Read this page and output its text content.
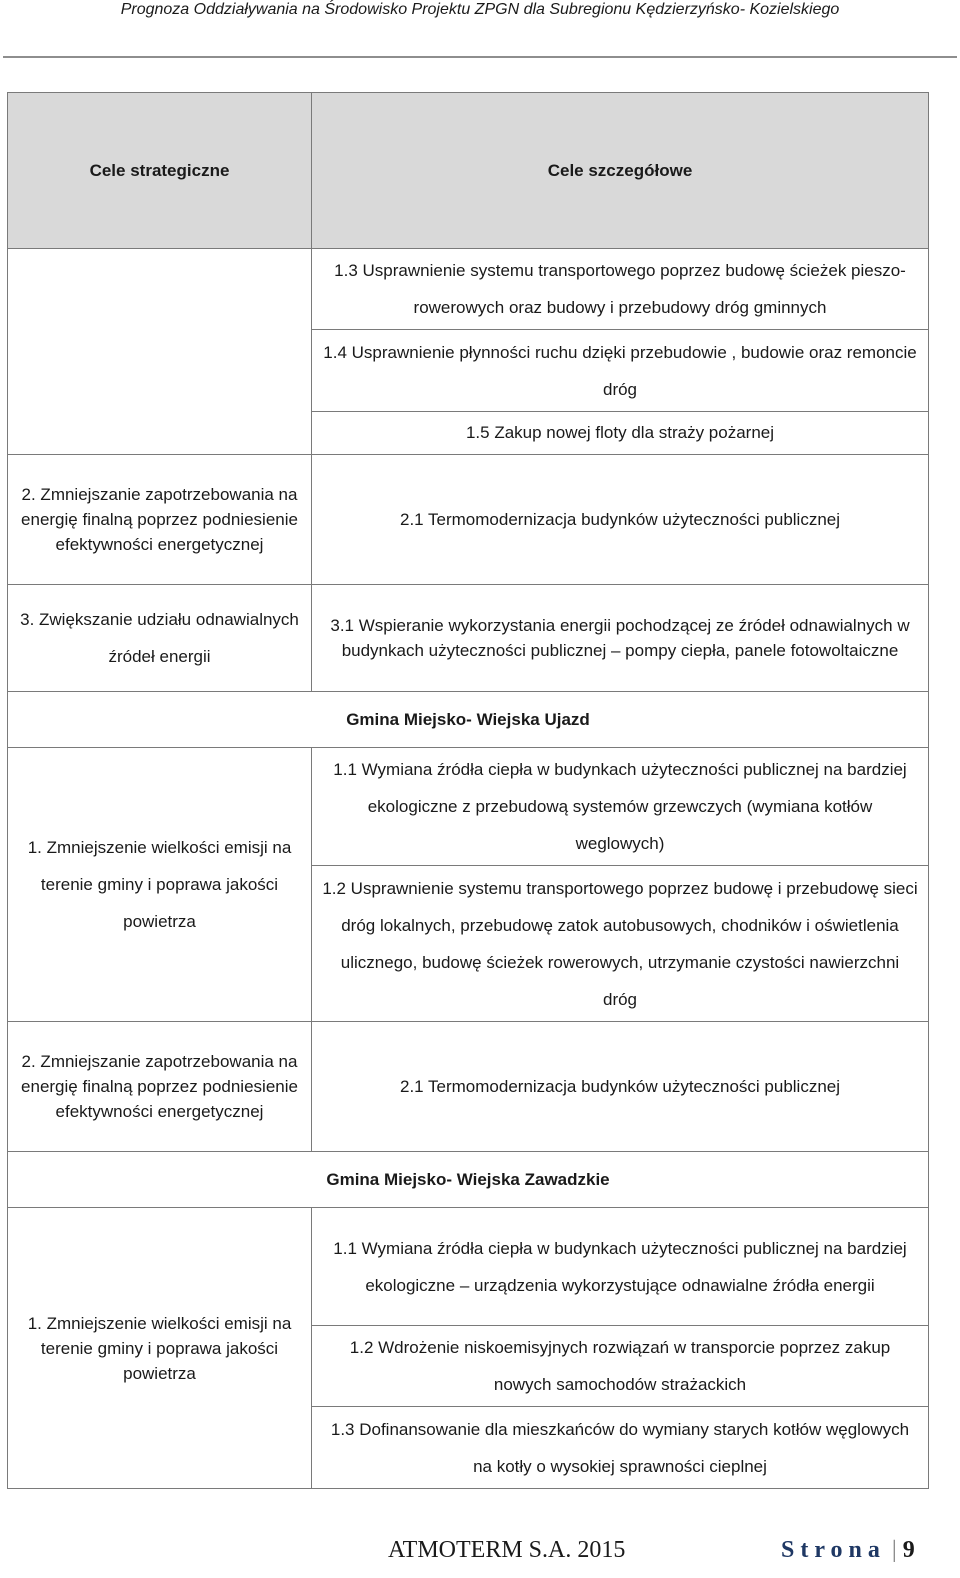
Prognoza Oddziaływania na Środowisko Projektu ZPGN dla Subregionu Kędzierzyńsko- Kozielskiego
Cele strategiczne	Cele szczegółowe
	1.3 Usprawnienie systemu transportowego poprzez budowę ścieżek pieszo-rowerowych oraz budowy i przebudowy dróg gminnych
	1.4 Usprawnienie płynności ruchu dzięki przebudowie , budowie oraz remoncie dróg
	1.5 Zakup nowej floty dla straży pożarnej
2. Zmniejszanie zapotrzebowania na energię finalną poprzez podniesienie efektywności energetycznej	2.1 Termomodernizacja budynków użyteczności publicznej
3. Zwiększanie udziału odnawialnych źródeł energii	3.1 Wspieranie wykorzystania energii pochodzącej ze źródeł odnawialnych w budynkach użyteczności publicznej – pompy ciepła, panele fotowoltaiczne
Gmina Miejsko- Wiejska Ujazd	
1. Zmniejszenie wielkości emisji na terenie gminy i poprawa jakości powietrza	1.1 Wymiana źródła ciepła w budynkach użyteczności publicznej na bardziej ekologiczne z przebudową systemów grzewczych (wymiana kotłów weglowych)
	1.2 Usprawnienie systemu transportowego poprzez budowę i przebudowę sieci dróg lokalnych, przebudowę zatok autobusowych, chodników i oświetlenia ulicznego, budowę ścieżek rowerowych, utrzymanie czystości nawierzchni dróg
2. Zmniejszanie zapotrzebowania na energię finalną poprzez podniesienie efektywności energetycznej	2.1 Termomodernizacja budynków użyteczności publicznej
Gmina Miejsko- Wiejska Zawadzkie	
1. Zmniejszenie wielkości emisji na terenie gminy i poprawa jakości powietrza	1.1 Wymiana źródła ciepła w budynkach użyteczności publicznej na bardziej ekologiczne – urządzenia wykorzystujące odnawialne źródła energii
	1.2 Wdrożenie niskoemisyjnych rozwiązań w transporcie poprzez zakup nowych samochodów strażackich
	1.3 Dofinansowanie dla mieszkańców do wymiany starych kotłów węglowych na kotły o wysokiej sprawności cieplnej
ATMOTERM S.A. 2015	Strona | 9
